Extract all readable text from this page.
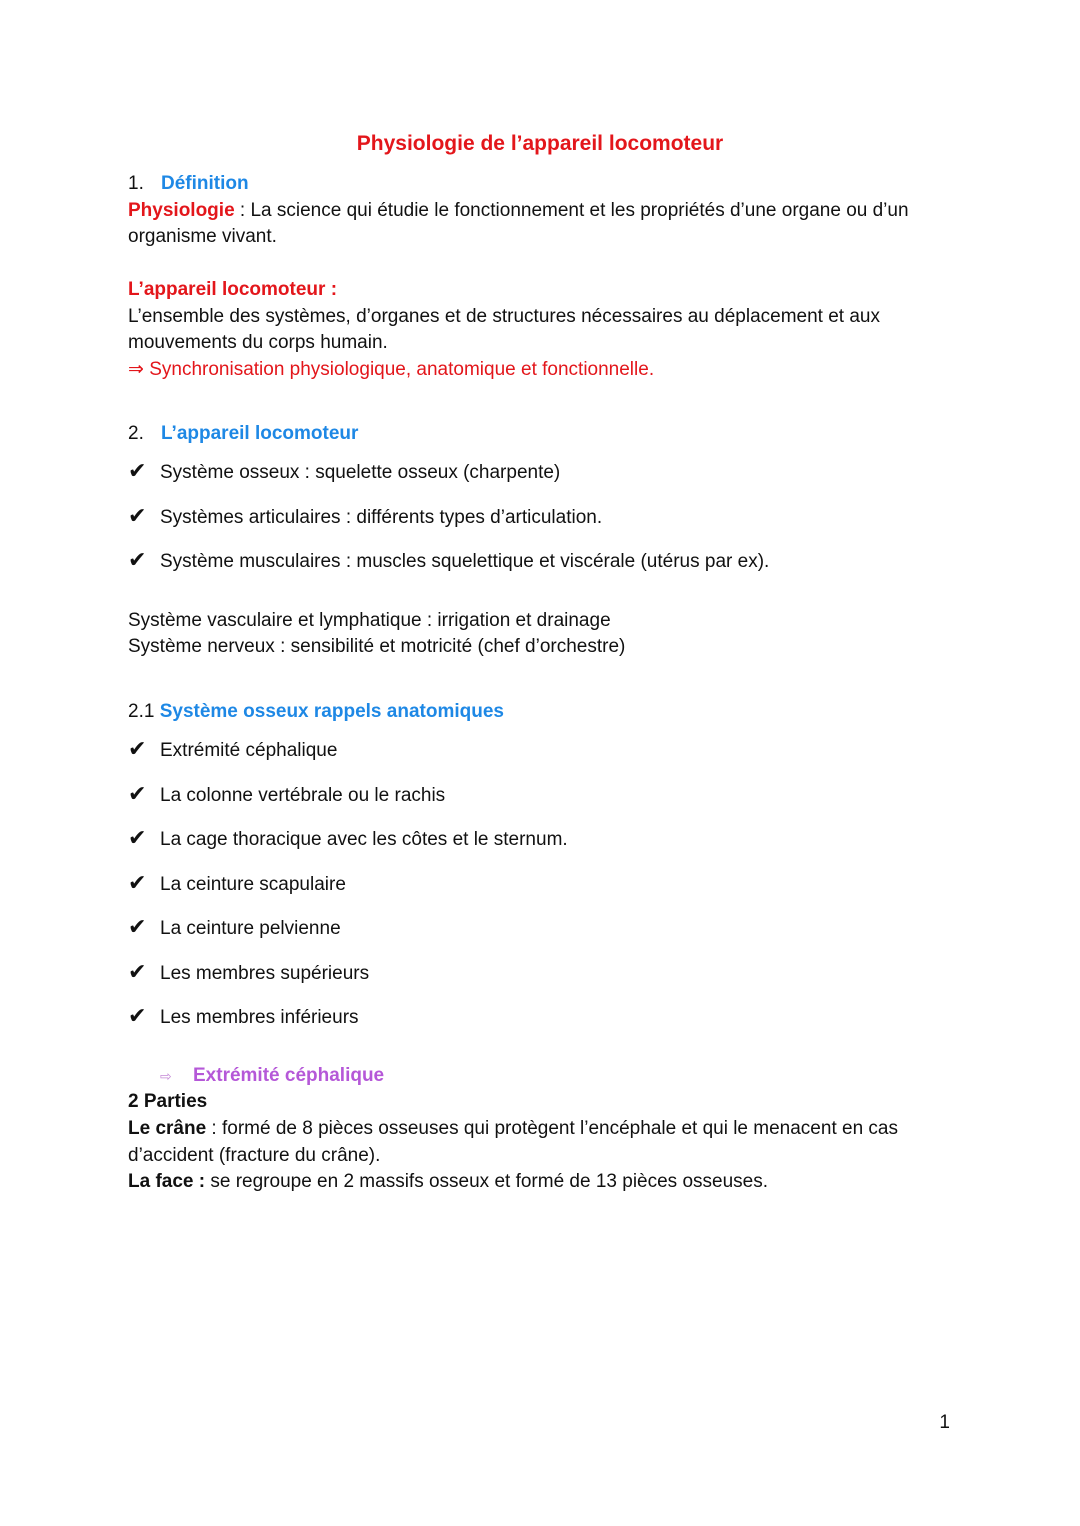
Physiologie de l’appareil locomoteur
1. Définition
Physiologie : La science qui étudie le fonctionnement et les propriétés d’une organe ou d’un
organisme vivant.
L’appareil locomoteur :
L’ensemble des systèmes, d’organes et de structures nécessaires au déplacement et aux
mouvements du corps humain.
⇒ Synchronisation physiologique, anatomique et fonctionnelle.
2. L’appareil locomoteur
✔ Système osseux : squelette osseux (charpente)
✔ Systèmes articulaires : différents types d’articulation.
✔ Système musculaires : muscles squelettique et viscérale (utérus par ex).
Système vasculaire et lymphatique : irrigation et drainage
Système nerveux : sensibilité et motricité (chef d’orchestre)
2.1 Système osseux rappels anatomiques
✔ Extrémité céphalique
✔ La colonne vertébrale ou le rachis
✔ La cage thoracique avec les côtes et le sternum.
✔ La ceinture scapulaire
✔ La ceinture pelvienne
✔ Les membres supérieurs
✔ Les membres inférieurs
⇨ Extrémité céphalique
2 Parties
Le crâne : formé de 8 pièces osseuses qui protègent l’encéphale et qui le menacent en cas
d’accident (fracture du crâne).
La face : se regroupe en 2 massifs osseux et formé de 13 pièces osseuses.
1
